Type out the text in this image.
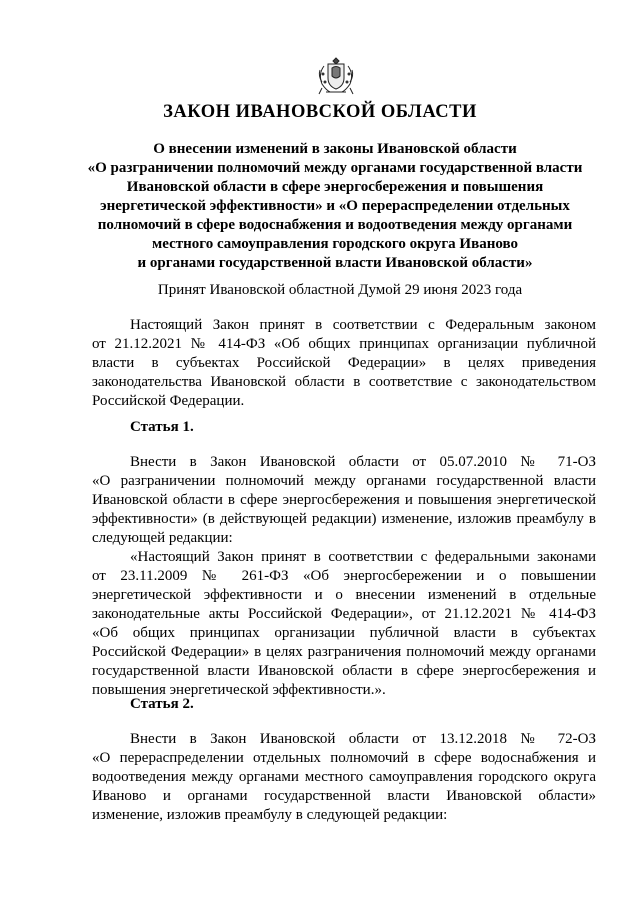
ЗАКОН ИВАНОВСКОЙ ОБЛАСТИ
О внесении изменений в законы Ивановской области
«О разграничении полномочий между органами государственной власти
Ивановской области в сфере энергосбережения и повышения
энергетической эффективности» и «О перераспределении отдельных
полномочий в сфере водоснабжения и водоотведения между органами
местного самоуправления городского округа Иваново
и органами государственной власти Ивановской области»
Принят Ивановской областной Думой 29 июня 2023 года
Настоящий Закон принят в соответствии с Федеральным законом
от 21.12.2021 № 414-ФЗ «Об общих принципах организации публичной
власти в субъектах Российской Федерации» в целях приведения
законодательства Ивановской области в соответствие с законодательством
Российской Федерации.
Статья 1.
Внести в Закон Ивановской области от 05.07.2010 № 71-ОЗ
«О разграничении полномочий между органами государственной власти
Ивановской области в сфере энергосбережения и повышения энергетической
эффективности» (в действующей редакции) изменение, изложив преамбулу в
следующей редакции:
«Настоящий Закон принят в соответствии с федеральными законами
от 23.11.2009 № 261-ФЗ «Об энергосбережении и о повышении
энергетической эффективности и о внесении изменений в отдельные
законодательные акты Российской Федерации», от 21.12.2021 № 414-ФЗ
«Об общих принципах организации публичной власти в субъектах
Российской Федерации» в целях разграничения полномочий между органами
государственной власти Ивановской области в сфере энергосбережения и
повышения энергетической эффективности.».
Статья 2.
Внести в Закон Ивановской области от 13.12.2018 № 72-ОЗ
«О перераспределении отдельных полномочий в сфере водоснабжения и
водоотведения между органами местного самоуправления городского округа
Иваново и органами государственной власти Ивановской области»
изменение, изложив преамбулу в следующей редакции:
